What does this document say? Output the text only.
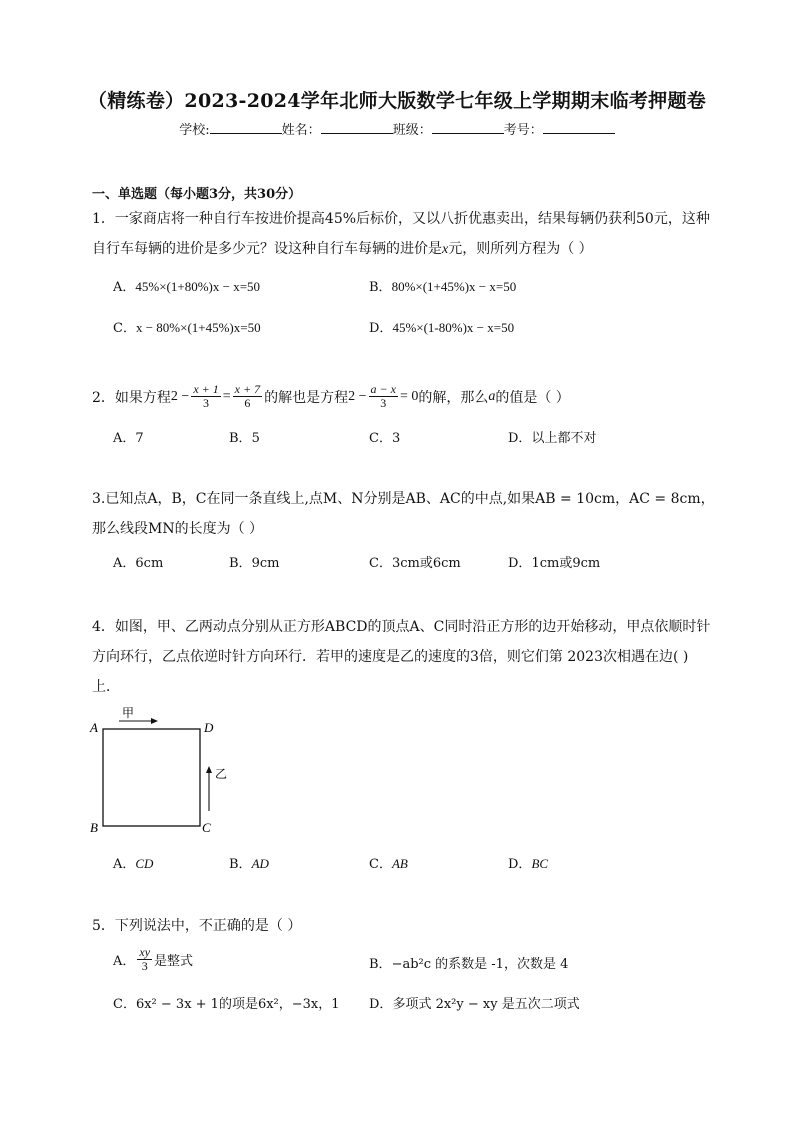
（精练卷）2023-2024学年北师大版数学七年级上学期期末临考押题卷
学校:	姓名：	班级：	考号：
一、单选题（每小题3分，共30分）
1．一家商店将一种自行车按进价提高45%后标价，又以八折优惠卖出，结果每辆仍获利50元，这种
自行车每辆的进价是多少元？设这种自行车每辆的进价是x元，则所列方程为（ ）
A．45%×(1+80%)x − x=50	B．80%×(1+45%)x − x=50
C．x − 80%×(1+45%)x=50	D．45%×(1-80%)x − x=50
2．如果方程 $2 - \frac{x + 1}{3} = \frac{x + 7}{6}$ 的解也是方程 $2 - \frac{a - x}{3} = 0$ 的解，那么 a 的值是（ ）
A．7	B．5	C．3	D．以上都不对
3.已知点A，B，C在同一条直线上,点M、N分别是AB、AC的中点,如果AB = 10cm，AC = 8cm，
那么线段MN的长度为（ ）
A．6cm	B．9cm	C．3cm或6cm	D．1cm或9cm
4．如图，甲、乙两动点分别从正方形ABCD的顶点A、C同时沿正方形的边开始移动，甲点依顺时针
方向环行，乙点依逆时针方向环行．若甲的速度是乙的速度的3倍，则它们第 2023次相遇在边( )
上．
A	D
B	C
甲
乙
A．CD	B．AD	C．AB	D．BC
5．下列说法中，不正确的是（ ）
A． $\frac{xy}{3}$ 是整式	B．−ab²c 的系数是 -1，次数是 4
C．6x² − 3x + 1的项是6x²，−3x，1 D．多项式 2x²y − xy 是五次二项式
